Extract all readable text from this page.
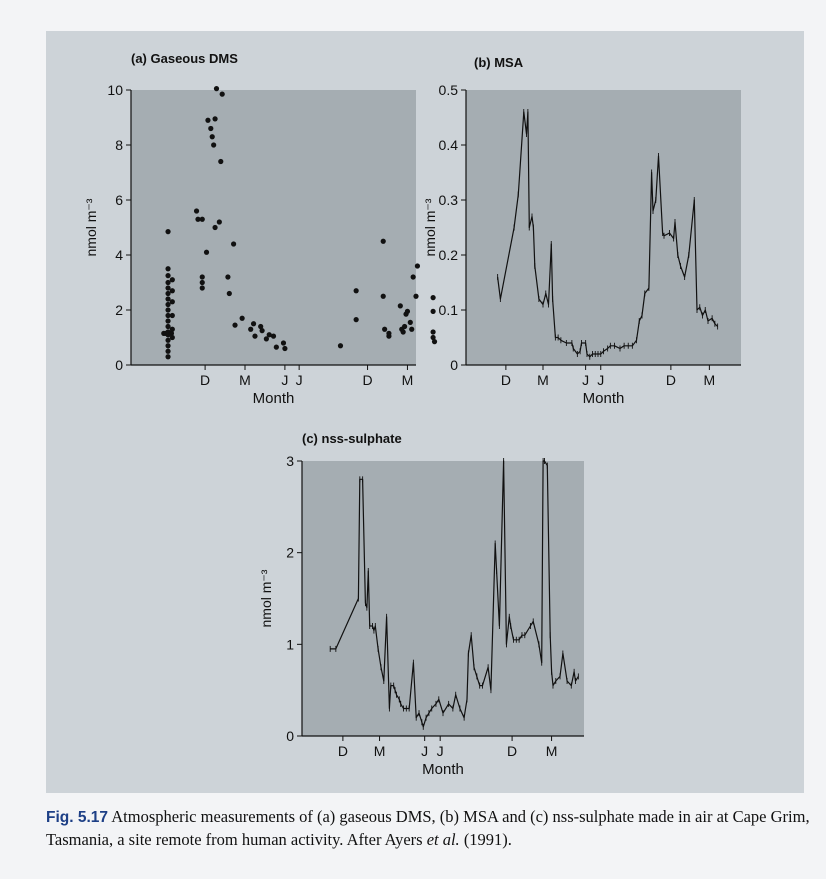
(a) Gaseous DMS
0
2
4
6
8
10
D M J J	D M
Month
nmol m⁻³
(b) MSA
0
0.1
0.2
0.3
0.4
0.5
D M J J	D M
Month
nmol m⁻³
(c) nss-sulphate
0
1
2
3
D M	J J	D M
Month
nmol m⁻³
Fig. 5.17 Atmospheric measurements of (a) gaseous DMS, (b) MSA and (c) nss-sulphate made in air at Cape Grim, Tasmania, a site remote from human activity. After Ayers et al. (1991).
